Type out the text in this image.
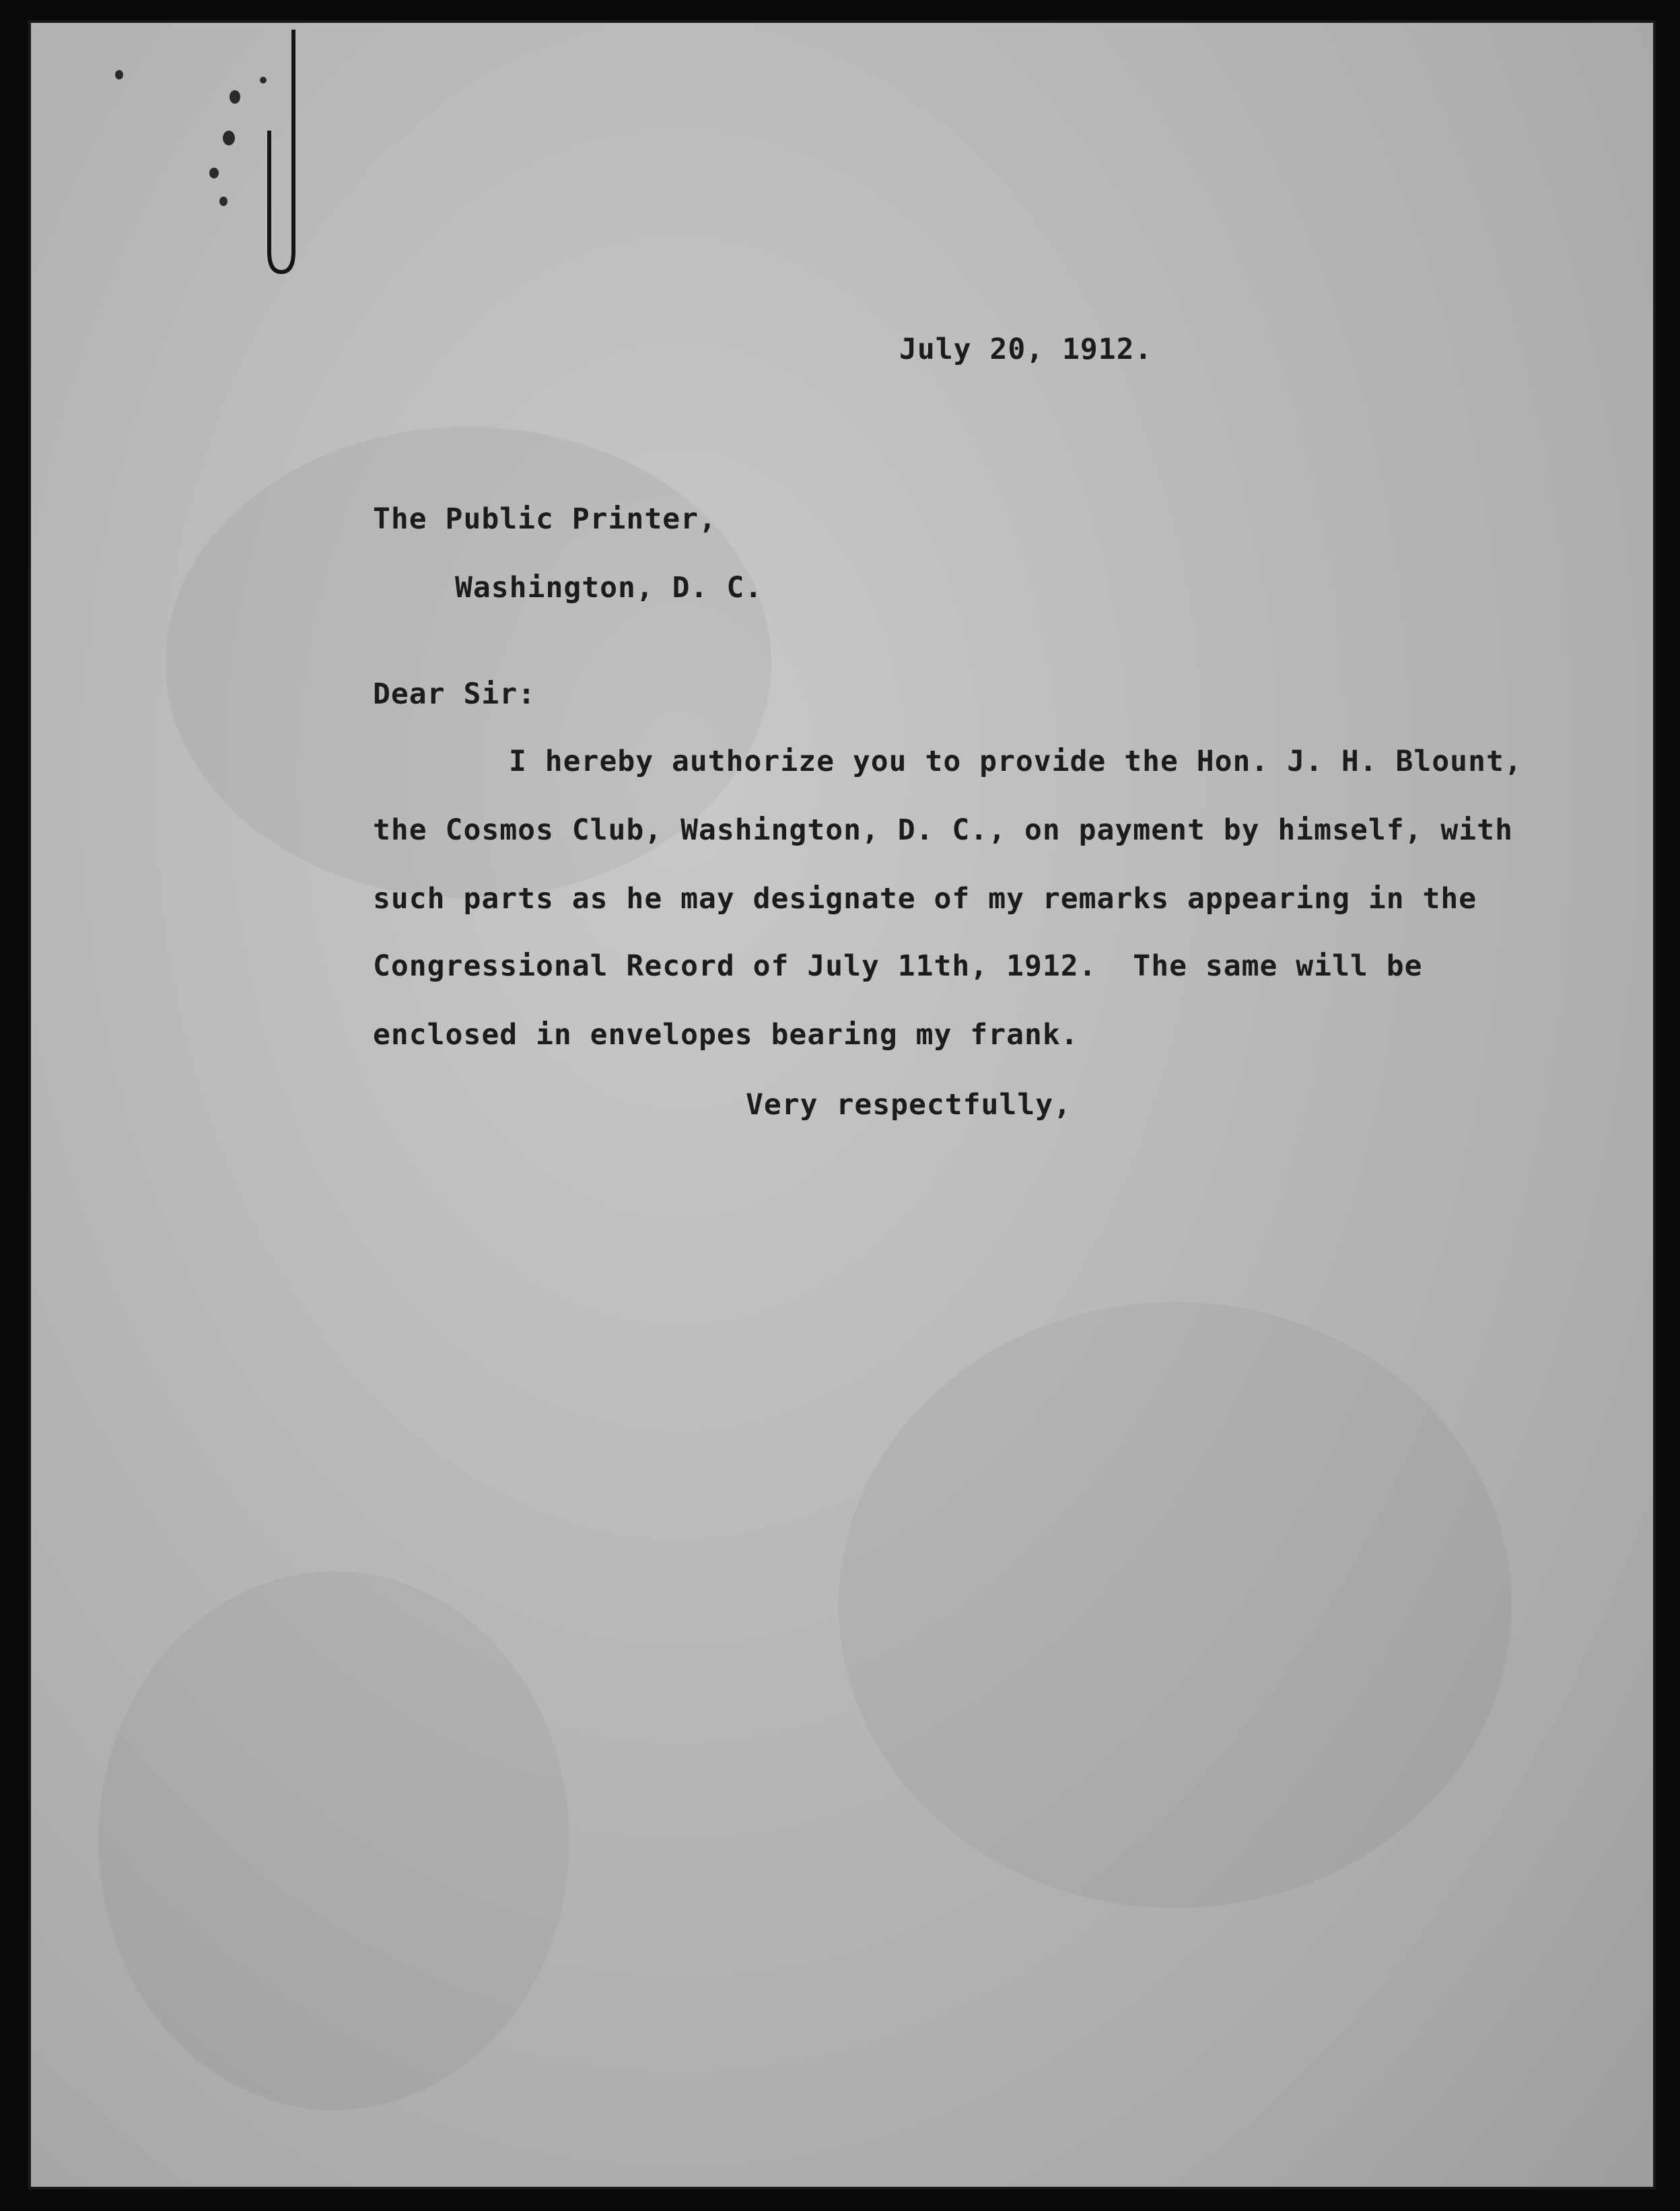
July 20, 1912.
The Public Printer,
Washington, D. C.
Dear Sir:
I hereby authorize you to provide the Hon. J. H. Blount,
the Cosmos Club, Washington, D. C., on payment by himself, with
such parts as he may designate of my remarks appearing in the
Congressional Record of July 11th, 1912.  The same will be
enclosed in envelopes bearing my frank.
Very respectfully,
